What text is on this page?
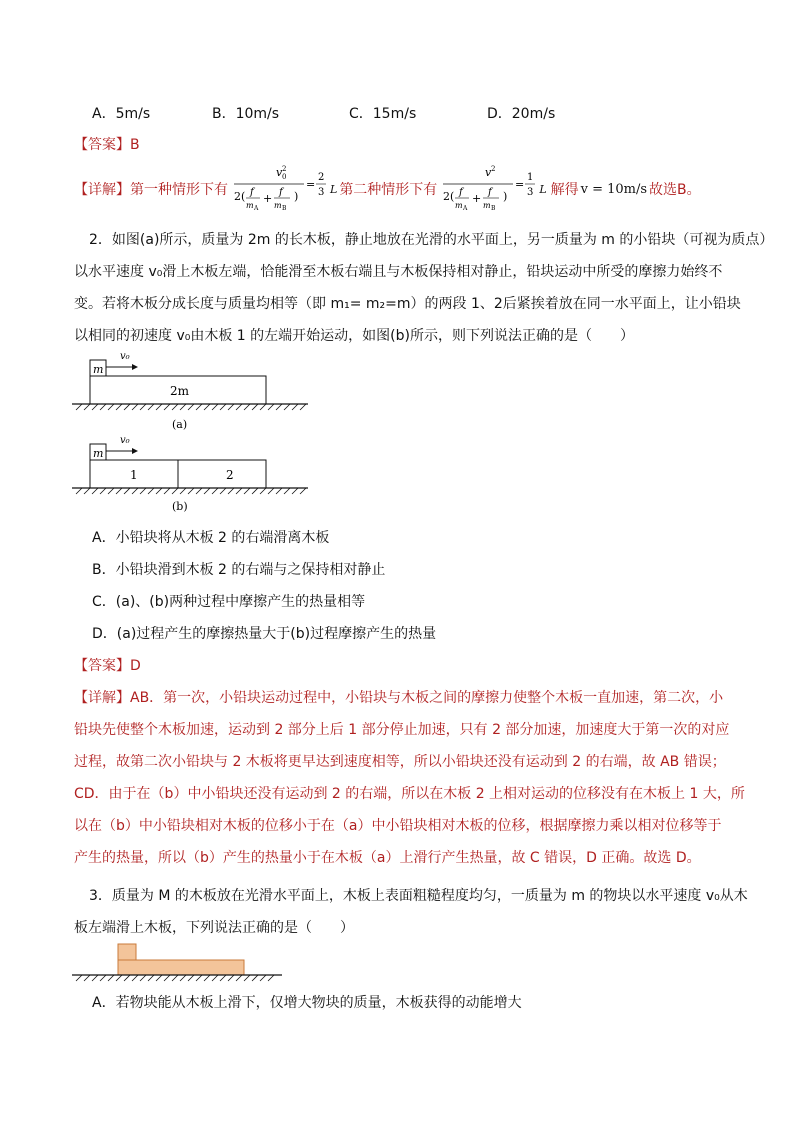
A．5m/s	B．10m/s	C．15m/s	D．20m/s
【答案】B
【详解】 第一种情形下有
v 0
2
2( f
m A
+ f
m B
)
=
2
3 L 第二种情形下有
v 2
2( f
m A
+ f
m B
)
=
1
3 L 解得 v = 10m/s 故选 B。
2．如图(a)所示，质量为 2m 的长木板，静止地放在光滑的水平面上，另一质量为 m 的小铅块（可视为质点）
以水平速度 v₀滑上木板左端，恰能滑至木板右端且与木板保持相对静止，铅块运动中所受的摩擦力始终不
变。若将木板分成长度与质量均相等（即 m₁= m₂=m）的两段 1、2后紧挨着放在同一水平面上，让小铅块
以相同的初速度 v₀由木板 1 的左端开始运动，如图(b)所示，则下列说法正确的是（　　）
m
v₀
2m
(a)
m
v₀
1	2
(b)
A．小铅块将从木板 2 的右端滑离木板
B．小铅块滑到木板 2 的右端与之保持相对静止
C．(a)、(b)两种过程中摩擦产生的热量相等
D．(a)过程产生的摩擦热量大于(b)过程摩擦产生的热量
【答案】D
【详解】AB．第一次，小铅块运动过程中，小铅块与木板之间的摩擦力使整个木板一直加速，第二次，小
铅块先使整个木板加速，运动到 2 部分上后 1 部分停止加速，只有 2 部分加速，加速度大于第一次的对应
过程，故第二次小铅块与 2 木板将更早达到速度相等，所以小铅块还没有运动到 2 的右端，故 AB 错误；
CD．由于在（b）中小铅块还没有运动到 2 的右端，所以在木板 2 上相对运动的位移没有在木板上 1 大，所
以在（b）中小铅块相对木板的位移小于在（a）中小铅块相对木板的位移，根据摩擦力乘以相对位移等于
产生的热量，所以（b）产生的热量小于在木板（a）上滑行产生热量，故 C 错误，D 正确。故选 D。
3．质量为 M 的木板放在光滑水平面上，木板上表面粗糙程度均匀，一质量为 m 的物块以水平速度 v₀从木
板左端滑上木板，下列说法正确的是（　　）
A．若物块能从木板上滑下，仅增大物块的质量，木板获得的动能增大
